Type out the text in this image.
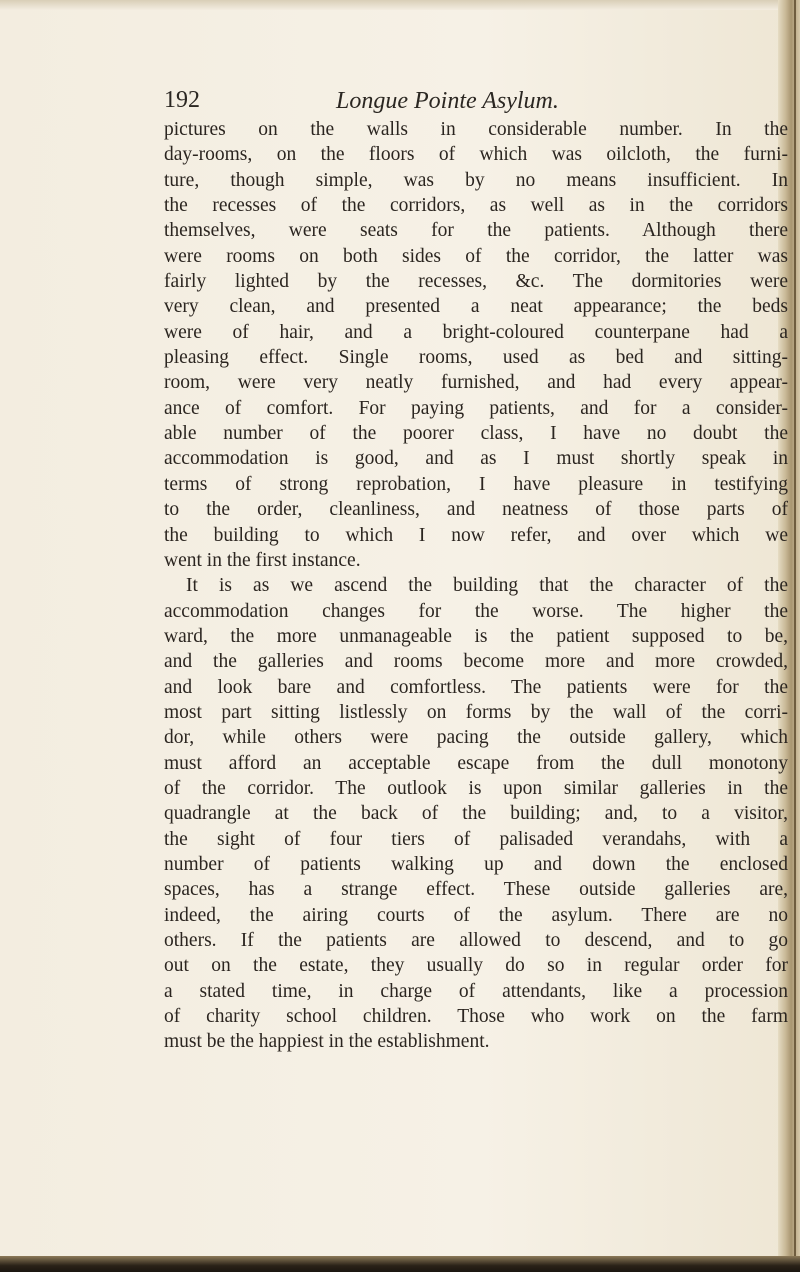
192	Longue Pointe Asylum.
pictures on the walls in considerable number. In the
day-rooms, on the floors of which was oilcloth, the furni-
ture, though simple, was by no means insufficient. In
the recesses of the corridors, as well as in the corridors
themselves, were seats for the patients. Although there
were rooms on both sides of the corridor, the latter was
fairly lighted by the recesses, &c. The dormitories were
very clean, and presented a neat appearance; the beds
were of hair, and a bright-coloured counterpane had a
pleasing effect. Single rooms, used as bed and sitting-
room, were very neatly furnished, and had every appear-
ance of comfort. For paying patients, and for a consider-
able number of the poorer class, I have no doubt the
accommodation is good, and as I must shortly speak in
terms of strong reprobation, I have pleasure in testifying
to the order, cleanliness, and neatness of those parts of
the building to which I now refer, and over which we
went in the first instance.
It is as we ascend the building that the character of the
accommodation changes for the worse. The higher the
ward, the more unmanageable is the patient supposed to be,
and the galleries and rooms become more and more crowded,
and look bare and comfortless. The patients were for the
most part sitting listlessly on forms by the wall of the corri-
dor, while others were pacing the outside gallery, which
must afford an acceptable escape from the dull monotony
of the corridor. The outlook is upon similar galleries in the
quadrangle at the back of the building; and, to a visitor,
the sight of four tiers of palisaded verandahs, with a
number of patients walking up and down the enclosed
spaces, has a strange effect. These outside galleries are,
indeed, the airing courts of the asylum. There are no
others. If the patients are allowed to descend, and to go
out on the estate, they usually do so in regular order for
a stated time, in charge of attendants, like a procession
of charity school children. Those who work on the farm
must be the happiest in the establishment.
